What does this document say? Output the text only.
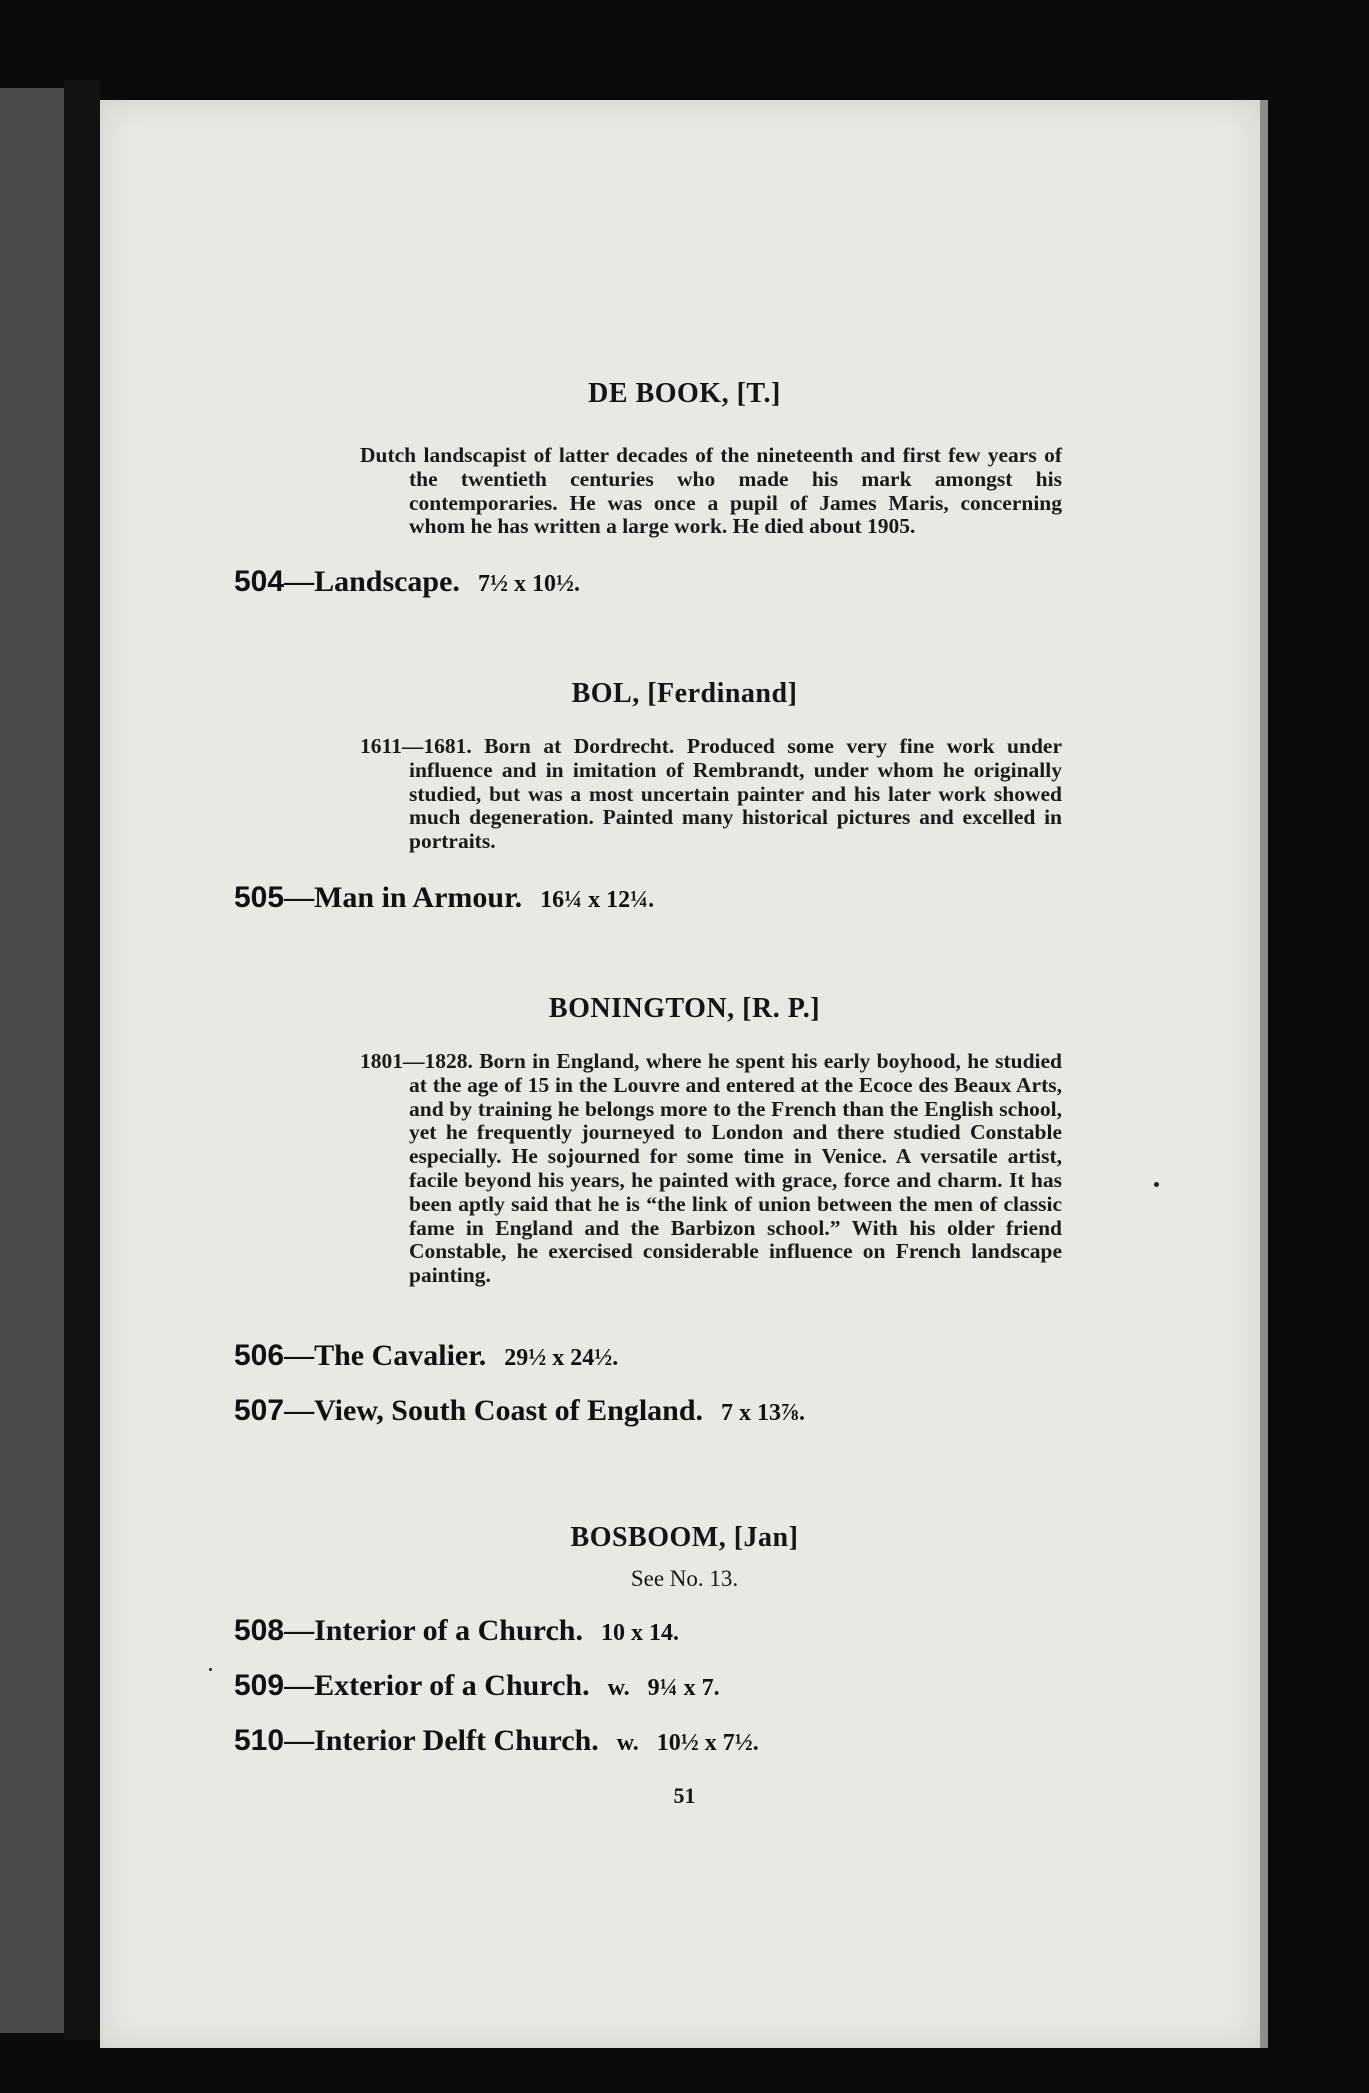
DE BOOK, [T.]
Dutch landscapist of latter decades of the nineteenth and first few years of the twentieth centuries who made his mark amongst his contemporaries. He was once a pupil of James Maris, concerning whom he has written a large work. He died about 1905.
504—Landscape. 7½ x 10½.
BOL, [Ferdinand]
1611—1681. Born at Dordrecht. Produced some very fine work under influence and in imitation of Rembrandt, under whom he originally studied, but was a most uncertain painter and his later work showed much degeneration. Painted many historical pictures and excelled in portraits.
505—Man in Armour. 16¼ x 12¼.
BONINGTON, [R. P.]
1801—1828. Born in England, where he spent his early boyhood, he studied at the age of 15 in the Louvre and entered at the Ecoce des Beaux Arts, and by training he belongs more to the French than the English school, yet he frequently journeyed to London and there studied Constable especially. He sojourned for some time in Venice. A versatile artist, facile beyond his years, he painted with grace, force and charm. It has been aptly said that he is “the link of union between the men of classic fame in England and the Barbizon school.” With his older friend Constable, he exercised considerable influence on French landscape painting.
506—The Cavalier. 29½ x 24½.
507—View, South Coast of England. 7 x 13⅞.
BOSBOOM, [Jan]
See No. 13.
508—Interior of a Church. 10 x 14.
509—Exterior of a Church. w.   9¼ x 7.
510—Interior Delft Church. w.   10½ x 7½.
51
